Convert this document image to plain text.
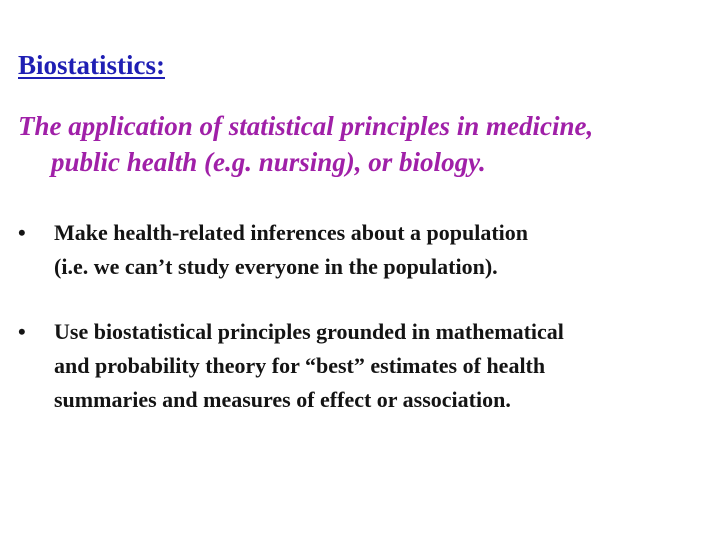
Biostatistics:
The application of statistical principles in medicine,
public health (e.g. nursing), or biology.
•	Make health-related inferences about a population
(i.e. we can’t study everyone in the population).
•	Use biostatistical principles grounded in mathematical
and probability theory for “best” estimates of health
summaries and measures of effect or association.
